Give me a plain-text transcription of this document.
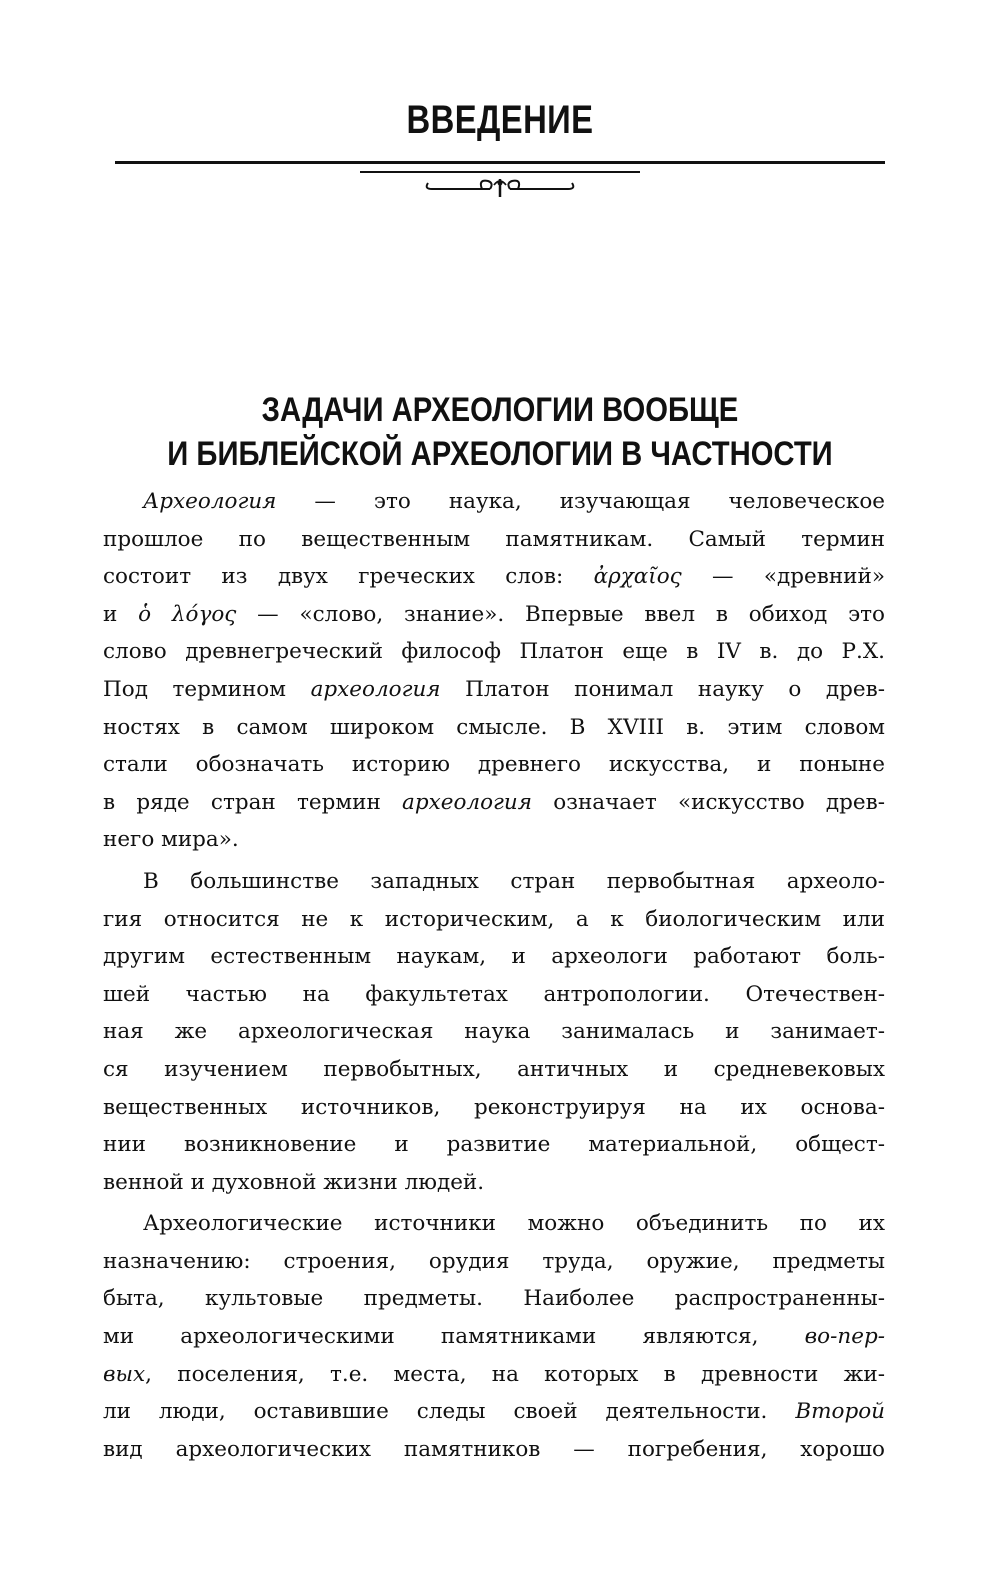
ВВЕДЕНИЕ
ЗАДАЧИ АРХЕОЛОГИИ ВООБЩЕ
И БИБЛЕЙСКОЙ АРХЕОЛОГИИ В ЧАСТНОСТИ
Археология — это наука, изучающая человеческое
прошлое по вещественным памятникам. Самый термин
состоит из двух греческих слов: ἀρχαῖος — «древний»
и ὁ λόγος — «слово, знание». Впервые ввел в обиход это
слово древнегреческий философ Платон еще в IV в. до Р.Х.
Под термином археология Платон понимал науку о древ-
ностях в самом широком смысле. В XVIII в. этим словом
стали обозначать историю древнего искусства, и поныне
в ряде стран термин археология означает «искусство древ-
него мира».
В большинстве западных стран первобытная археоло-
гия относится не к историческим, а к биологическим или
другим естественным наукам, и археологи работают боль-
шей частью на факультетах антропологии. Отечествен-
ная же археологическая наука занималась и занимает-
ся изучением первобытных, античных и средневековых
вещественных источников, реконструируя на их основа-
нии возникновение и развитие материальной, общест-
венной и духовной жизни людей.
Археологические источники можно объединить по их
назначению: строения, орудия труда, оружие, предметы
быта, культовые предметы. Наиболее распространенны-
ми археологическими памятниками являются, во-пер-
вых, поселения, т.е. места, на которых в древности жи-
ли люди, оставившие следы своей деятельности. Второй
вид археологических памятников — погребения, хорошо
